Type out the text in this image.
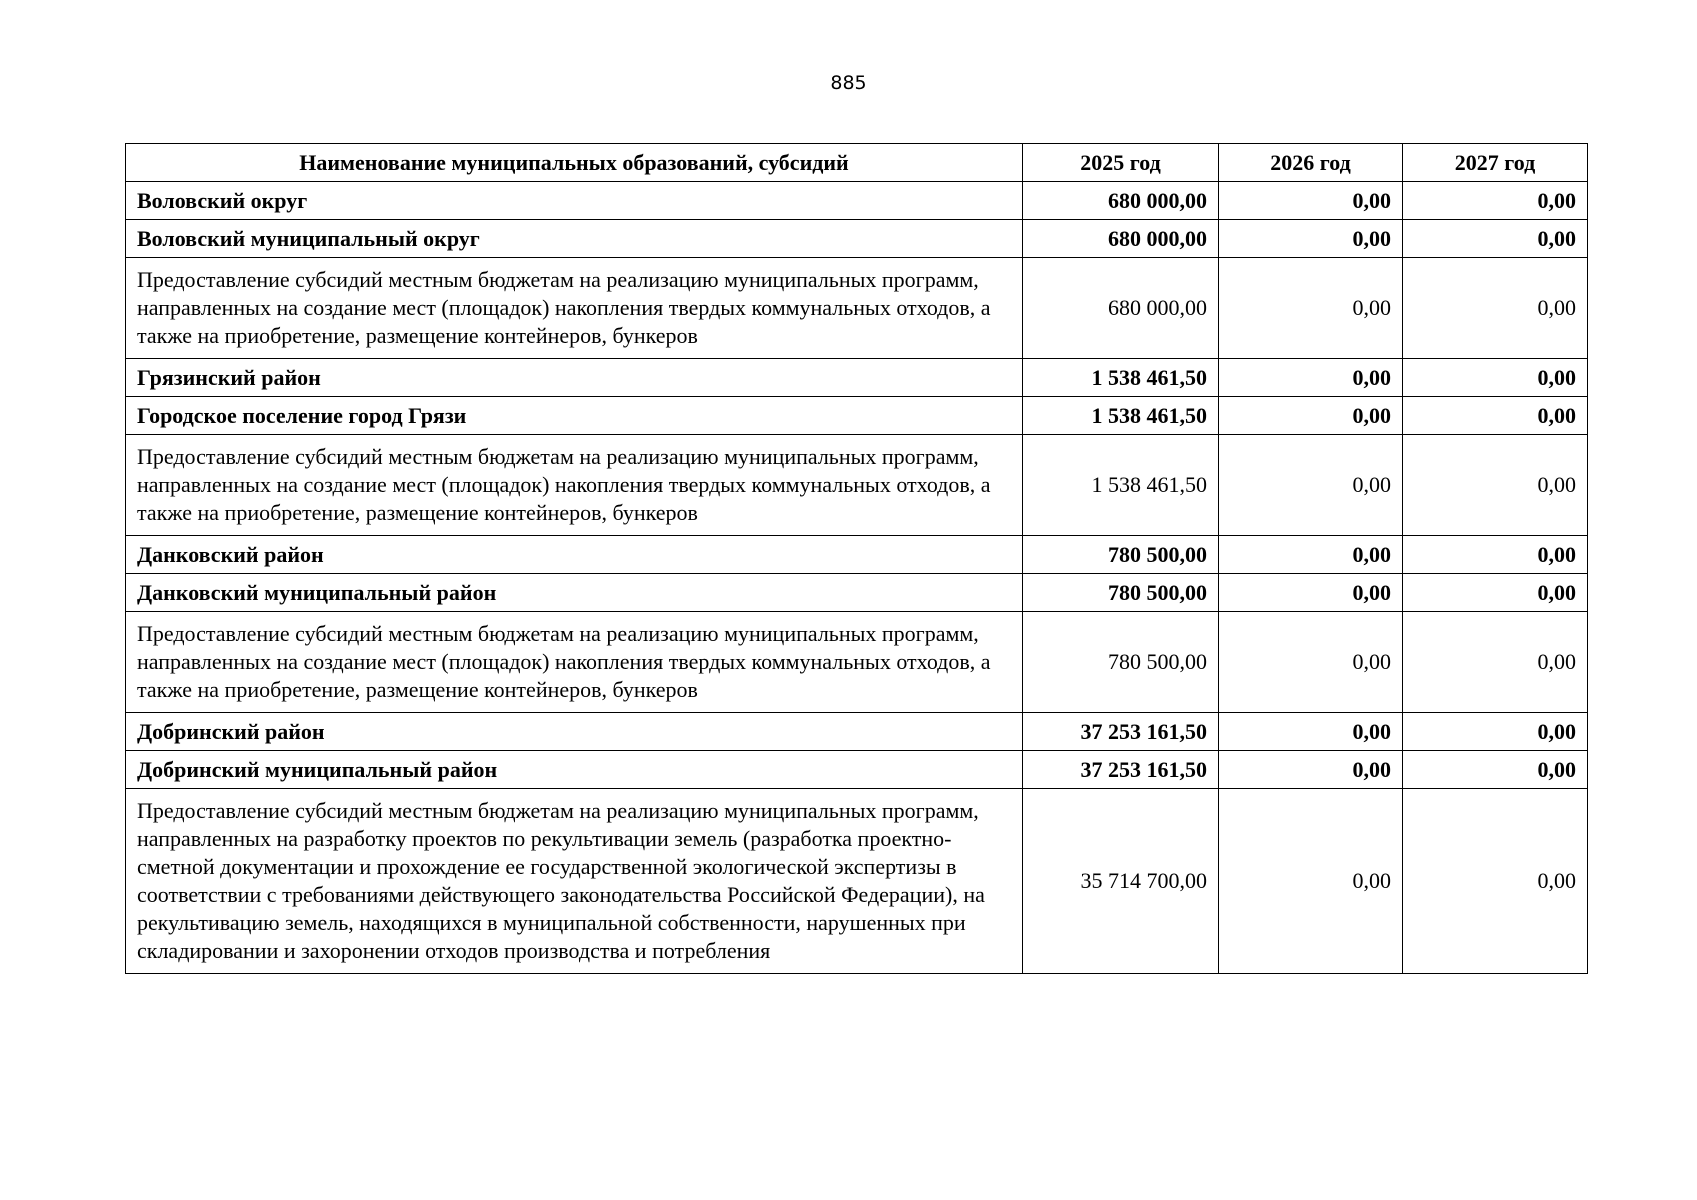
885
Наименование муниципальных образований, субсидий	2025 год	2026 год	2027 год
Воловский округ	680 000,00	0,00	0,00
Воловский муниципальный округ	680 000,00	0,00	0,00
Предоставление субсидий местным бюджетам на реализацию муниципальных программ, направленных на создание мест (площадок) накопления твердых коммунальных отходов, а также на приобретение, размещение контейнеров, бункеров	680 000,00	0,00	0,00
Грязинский район	1 538 461,50	0,00	0,00
Городское поселение город Грязи	1 538 461,50	0,00	0,00
Предоставление субсидий местным бюджетам на реализацию муниципальных программ, направленных на создание мест (площадок) накопления твердых коммунальных отходов, а также на приобретение, размещение контейнеров, бункеров	1 538 461,50	0,00	0,00
Данковский район	780 500,00	0,00	0,00
Данковский муниципальный район	780 500,00	0,00	0,00
Предоставление субсидий местным бюджетам на реализацию муниципальных программ, направленных на создание мест (площадок) накопления твердых коммунальных отходов, а также на приобретение, размещение контейнеров, бункеров	780 500,00	0,00	0,00
Добринский район	37 253 161,50	0,00	0,00
Добринский муниципальный район	37 253 161,50	0,00	0,00
Предоставление субсидий местным бюджетам на реализацию муниципальных программ, направленных на разработку проектов по рекультивации земель (разработка проектно-сметной документации и прохождение ее государственной экологической экспертизы в соответствии с требованиями действующего законодательства Российской Федерации), на рекультивацию земель, находящихся в муниципальной собственности, нарушенных при складировании и захоронении отходов производства и потребления	35 714 700,00	0,00	0,00
